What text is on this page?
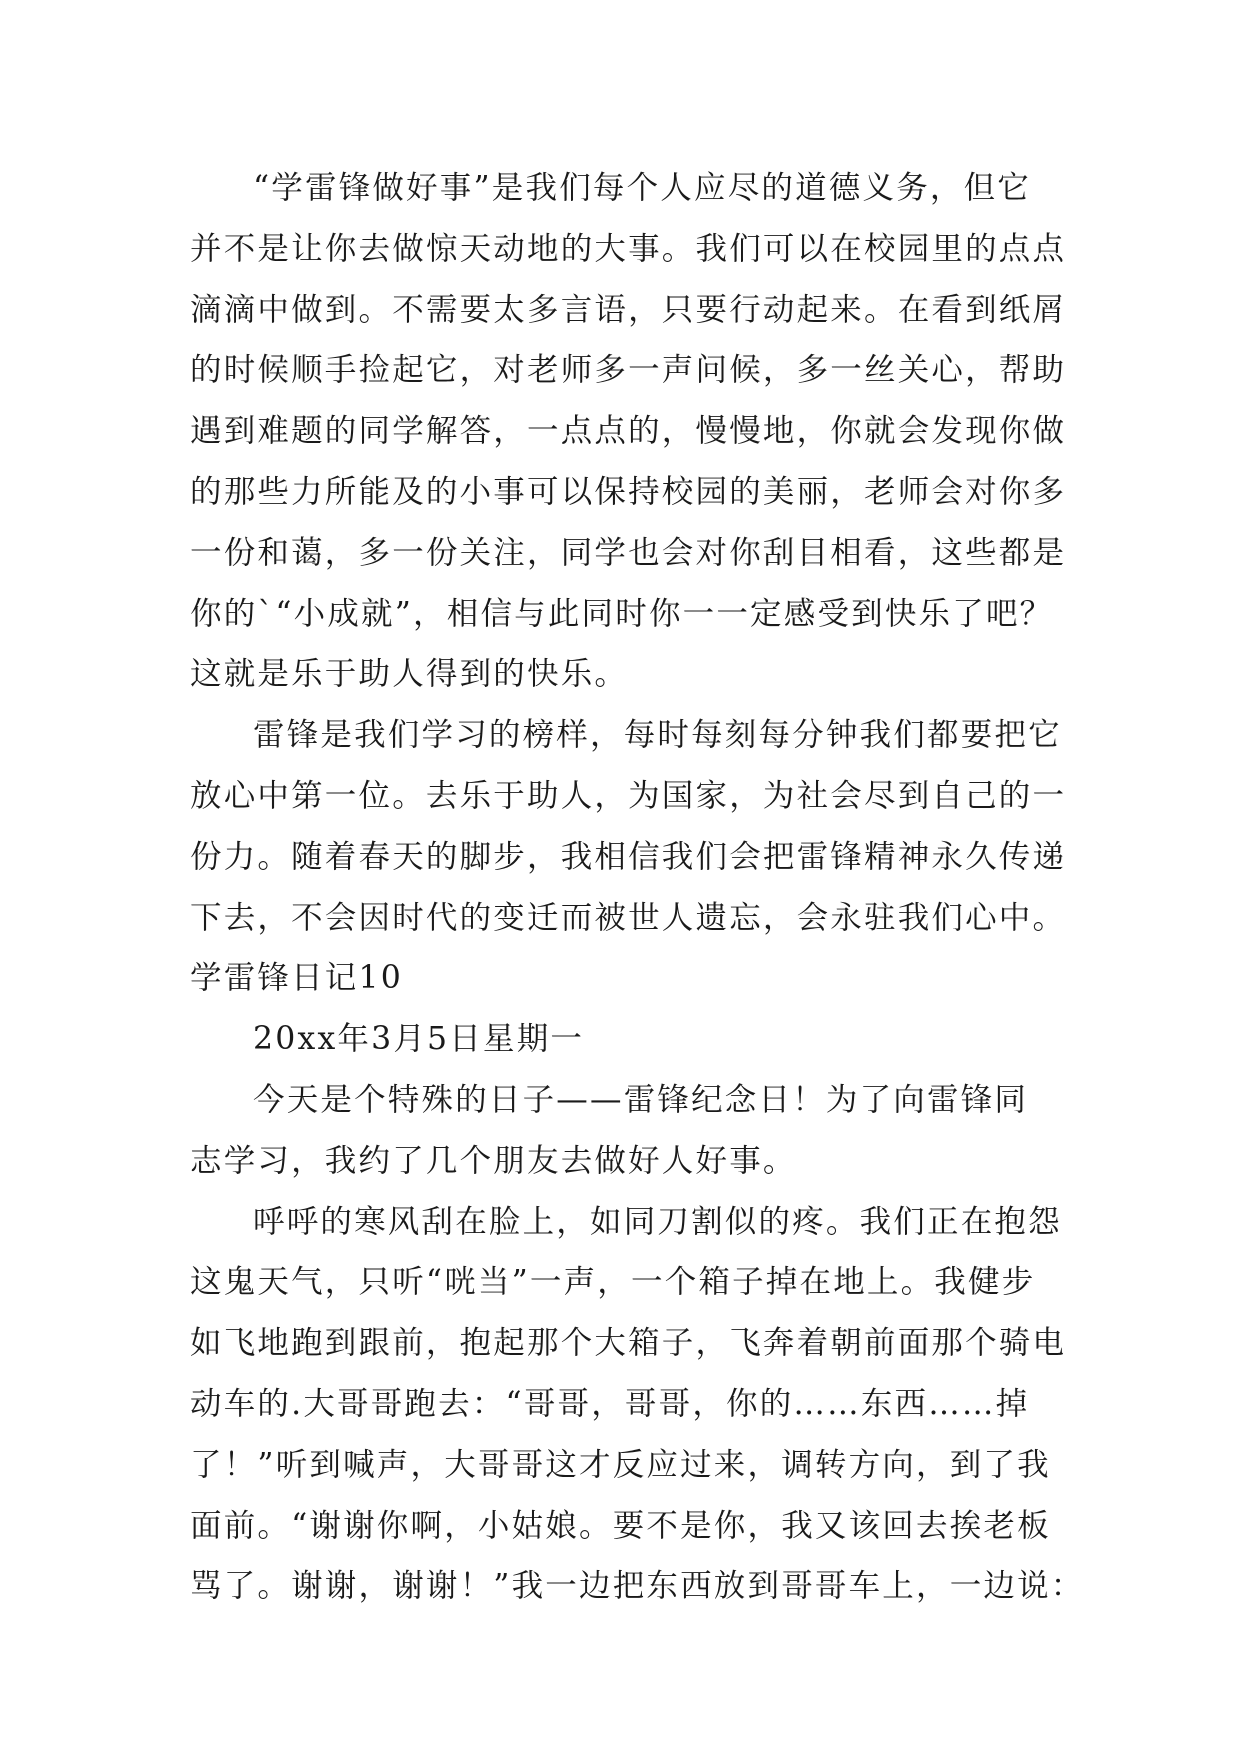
“学雷锋做好事”是我们每个人应尽的道德义务，但它
并不是让你去做惊天动地的大事。我们可以在校园里的点点
滴滴中做到。不需要太多言语，只要行动起来。在看到纸屑
的时候顺手捡起它，对老师多一声问候，多一丝关心，帮助
遇到难题的同学解答，一点点的，慢慢地，你就会发现你做
的那些力所能及的小事可以保持校园的美丽，老师会对你多
一份和蔼，多一份关注，同学也会对你刮目相看，这些都是
你的`“小成就”，相信与此同时你一一定感受到快乐了吧？
这就是乐于助人得到的快乐。
雷锋是我们学习的榜样，每时每刻每分钟我们都要把它
放心中第一位。去乐于助人，为国家，为社会尽到自己的一
份力。随着春天的脚步，我相信我们会把雷锋精神永久传递
下去，不会因时代的变迁而被世人遗忘，会永驻我们心中。
学雷锋日记10
20xx年3月5日星期一
今天是个特殊的日子——雷锋纪念日！为了向雷锋同
志学习，我约了几个朋友去做好人好事。
呼呼的寒风刮在脸上，如同刀割似的疼。我们正在抱怨
这鬼天气，只听“咣当”一声，一个箱子掉在地上。我健步
如飞地跑到跟前，抱起那个大箱子，飞奔着朝前面那个骑电
动车的.大哥哥跑去：“哥哥，哥哥，你的……东西……掉
了！”听到喊声，大哥哥这才反应过来，调转方向，到了我
面前。“谢谢你啊，小姑娘。要不是你，我又该回去挨老板
骂了。谢谢，谢谢！”我一边把东西放到哥哥车上，一边说：
